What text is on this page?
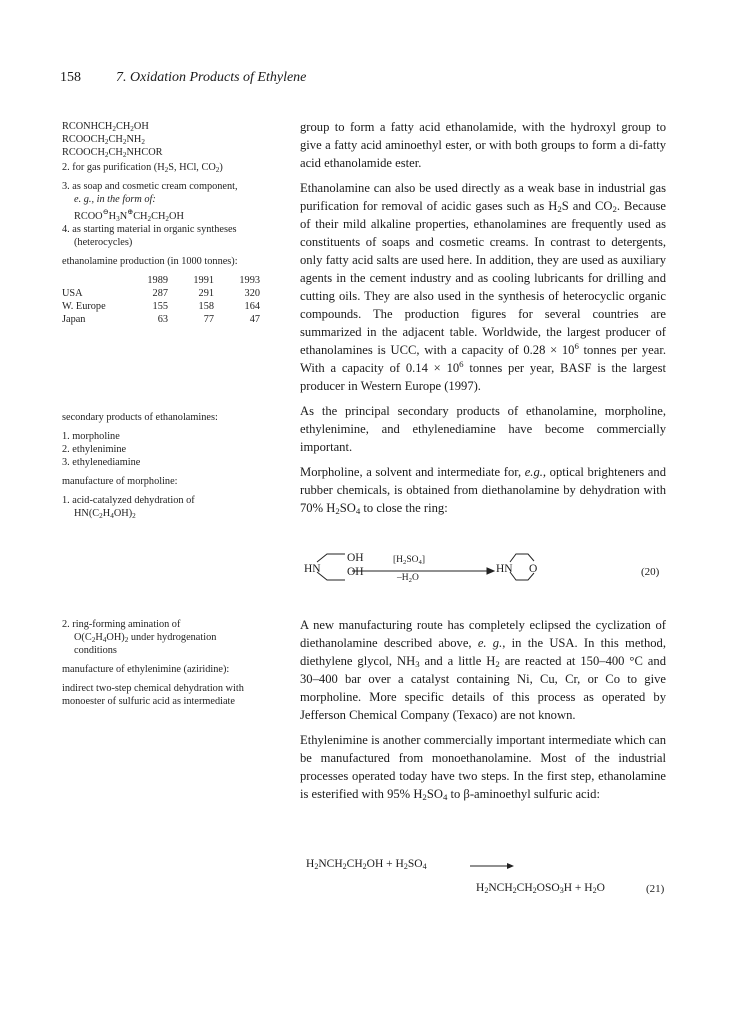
158	7. Oxidation Products of Ethylene
$RCONHCH_2CH_2OH$
$RCOOCH_2CH_2NH_2$
$RCOOCH_2CH_2NHCOR$
2. for gas purification ($H_2S$, HCl, $CO_2$)
3. as soap and cosmetic cream component,
e. g., in the form of:
$RCOO^⊖H_3N^\oplus CH_2CH_2OH$
4. as starting material in organic syntheses
(heterocycles)
ethanolamine production (in 1000 tonnes):
	1989	1991	1993
USA	287	291	320
W. Europe	155	158	164
Japan	63	77	47
secondary products of ethanolamines:
1. morpholine
2. ethylenimine
3. ethylenediamine
manufacture of morpholine:
1. acid-catalyzed dehydration of
$HN(C_2H_4OH)_2$
2. ring-forming amination of
$O(C_2H_4OH)_2$ under hydrogenation
conditions
manufacture of ethylenimine (aziridine):
indirect two-step chemical dehydration with
monoester of sulfuric acid as intermediate

group to form a fatty acid ethanolamide, with the hydroxyl group to give a fatty acid aminoethyl ester, or with both groups to form a di-fatty acid ethanolamide ester.

Ethanolamine can also be used directly as a weak base in industrial gas purification for removal of acidic gases such as $H_2S$ and $CO_2$. Because of their mild alkaline properties, ethanolamines are frequently used as constituents of soaps and cosmetic creams. In contrast to detergents, only fatty acid salts are used here. In addition, they are used as auxiliary agents in the cement industry and as cooling lubricants for drilling and cutting oils. They are also used in the synthesis of heterocyclic organic compounds. The production figures for several countries are summarized in the adjacent table. Worldwide, the largest producer of ethanolamines is UCC, with a capacity of $0.28 \times 10^6$ tonnes per year. With a capacity of $0.14 \times 10^6$ tonnes per year, BASF is the largest producer in Western Europe (1997).

As the principal secondary products of ethanolamine, morpholine, ethylenimine, and ethylenediamine have become commercially important.

Morpholine, a solvent and intermediate for, e.g., optical brighteners and rubber chemicals, is obtained from diethanolamine by dehydration with 70% $H_2SO_4$ to close the ring:

HN
OH
OH
$[H_2SO_4]$
$-H_2O$
HN O	(20)

A new manufacturing route has completely eclipsed the cyclization of diethanolamine described above, e. g., in the USA. In this method, diethylene glycol, $NH_3$ and a little $H_2$ are reacted at 150–400 °C and 30–400 bar over a catalyst containing Ni, Cu, Cr, or Co to give morpholine. More specific details of this process as operated by Jefferson Chemical Company (Texaco) are not known.

Ethylenimine is another commercially important intermediate which can be manufactured from monoethanolamine. Most of the industrial processes operated today have two steps. In the first step, ethanolamine is esterified with 95% $H_2SO_4$ to β-aminoethyl sulfuric acid:

$H_2NCH_2CH_2OH + H_2SO_4$
$H_2NCH_2CH_2OSO_3H + H_2O$	(21)
